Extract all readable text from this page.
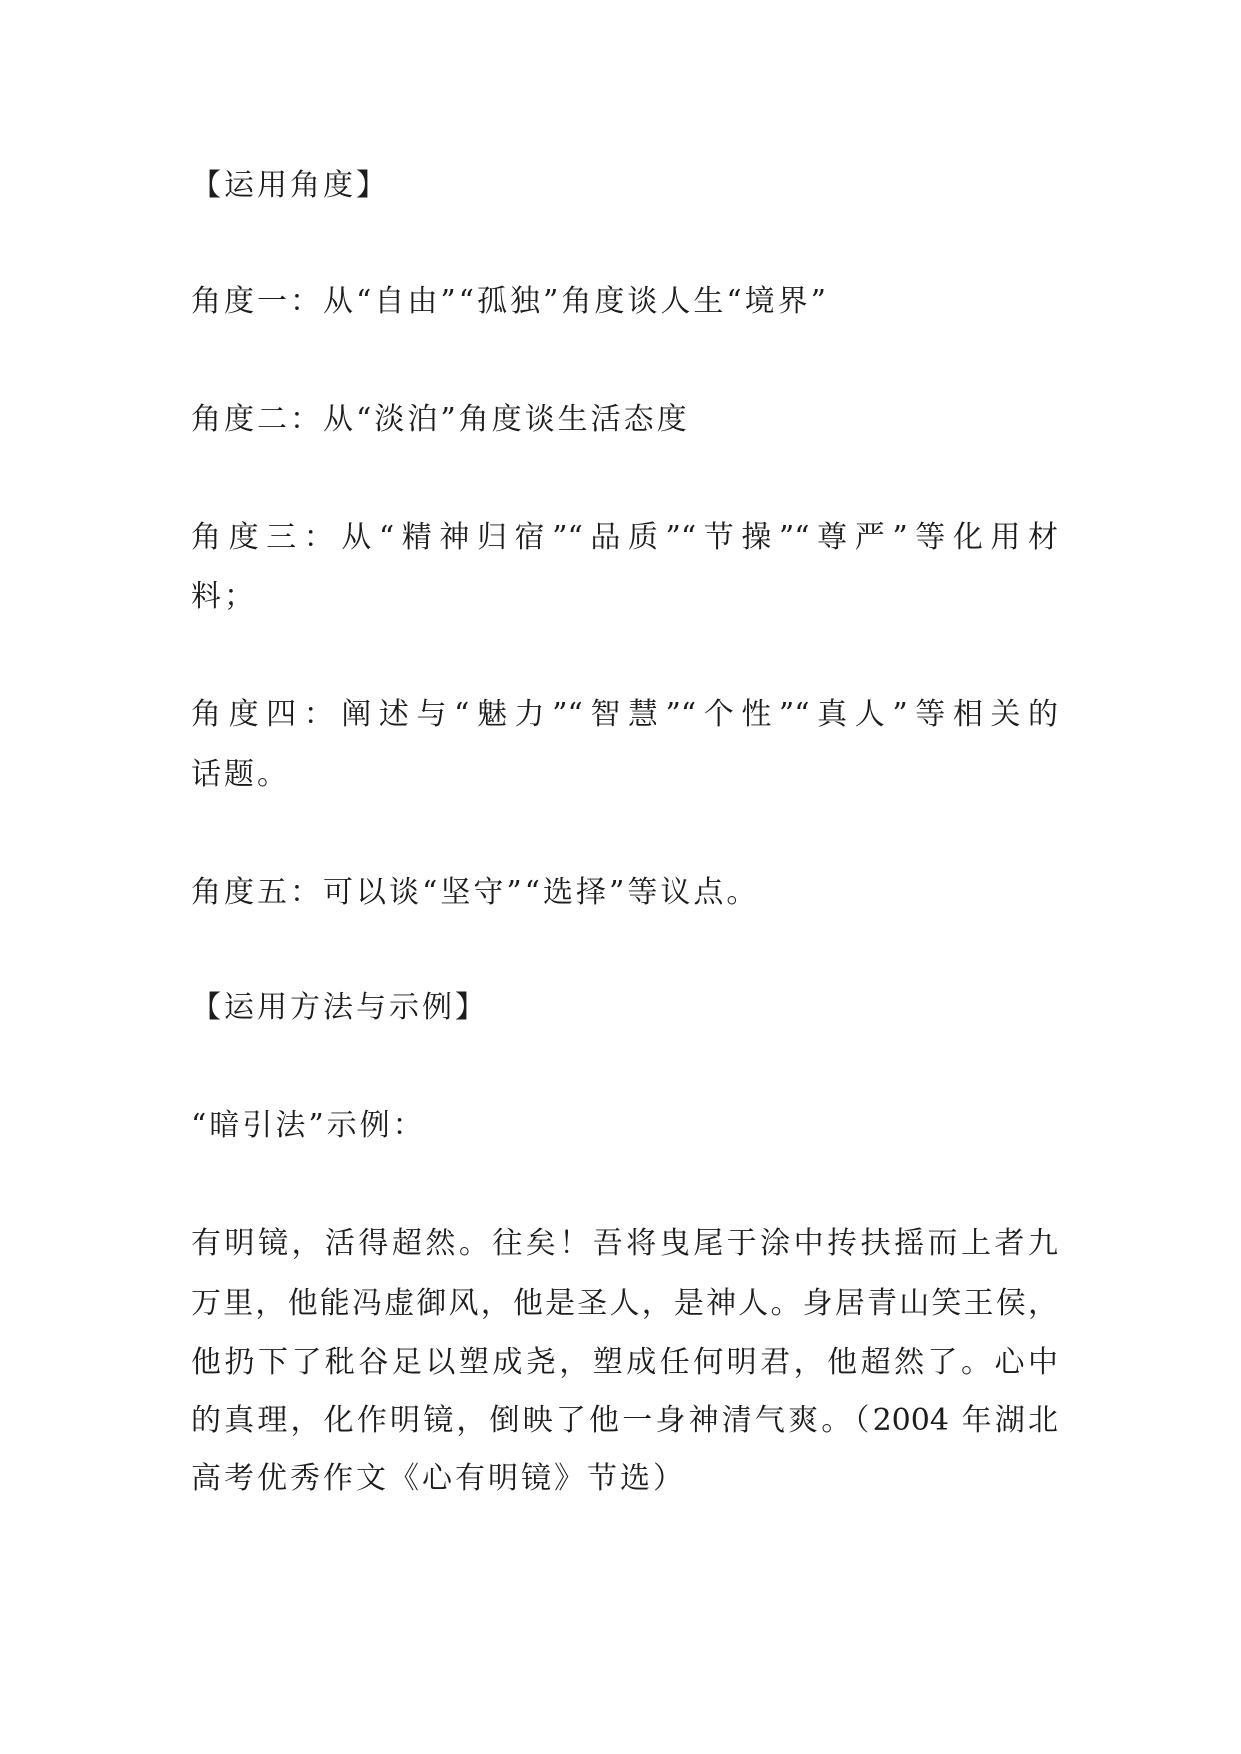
【运用角度】
角度一：从“自由”“孤独”角度谈人生“境界”
角度二：从“淡泊”角度谈生活态度
角度三：从“精神归宿”“品质”“节操”“尊严”等化用材
料；
角度四：阐述与“魅力”“智慧”“个性”“真人”等相关的
话题。
角度五：可以谈“坚守”“选择”等议点。
【运用方法与示例】
“暗引法”示例：
有明镜，活得超然。往矣！吾将曳尾于涂中抟扶摇而上者九
万里，他能冯虚御风，他是圣人，是神人。身居青山笑王侯，
他扔下了秕谷足以塑成尧，塑成任何明君，他超然了。心中
的真理，化作明镜，倒映了他一身神清气爽。（2004 年湖北
高考优秀作文《心有明镜》节选）
